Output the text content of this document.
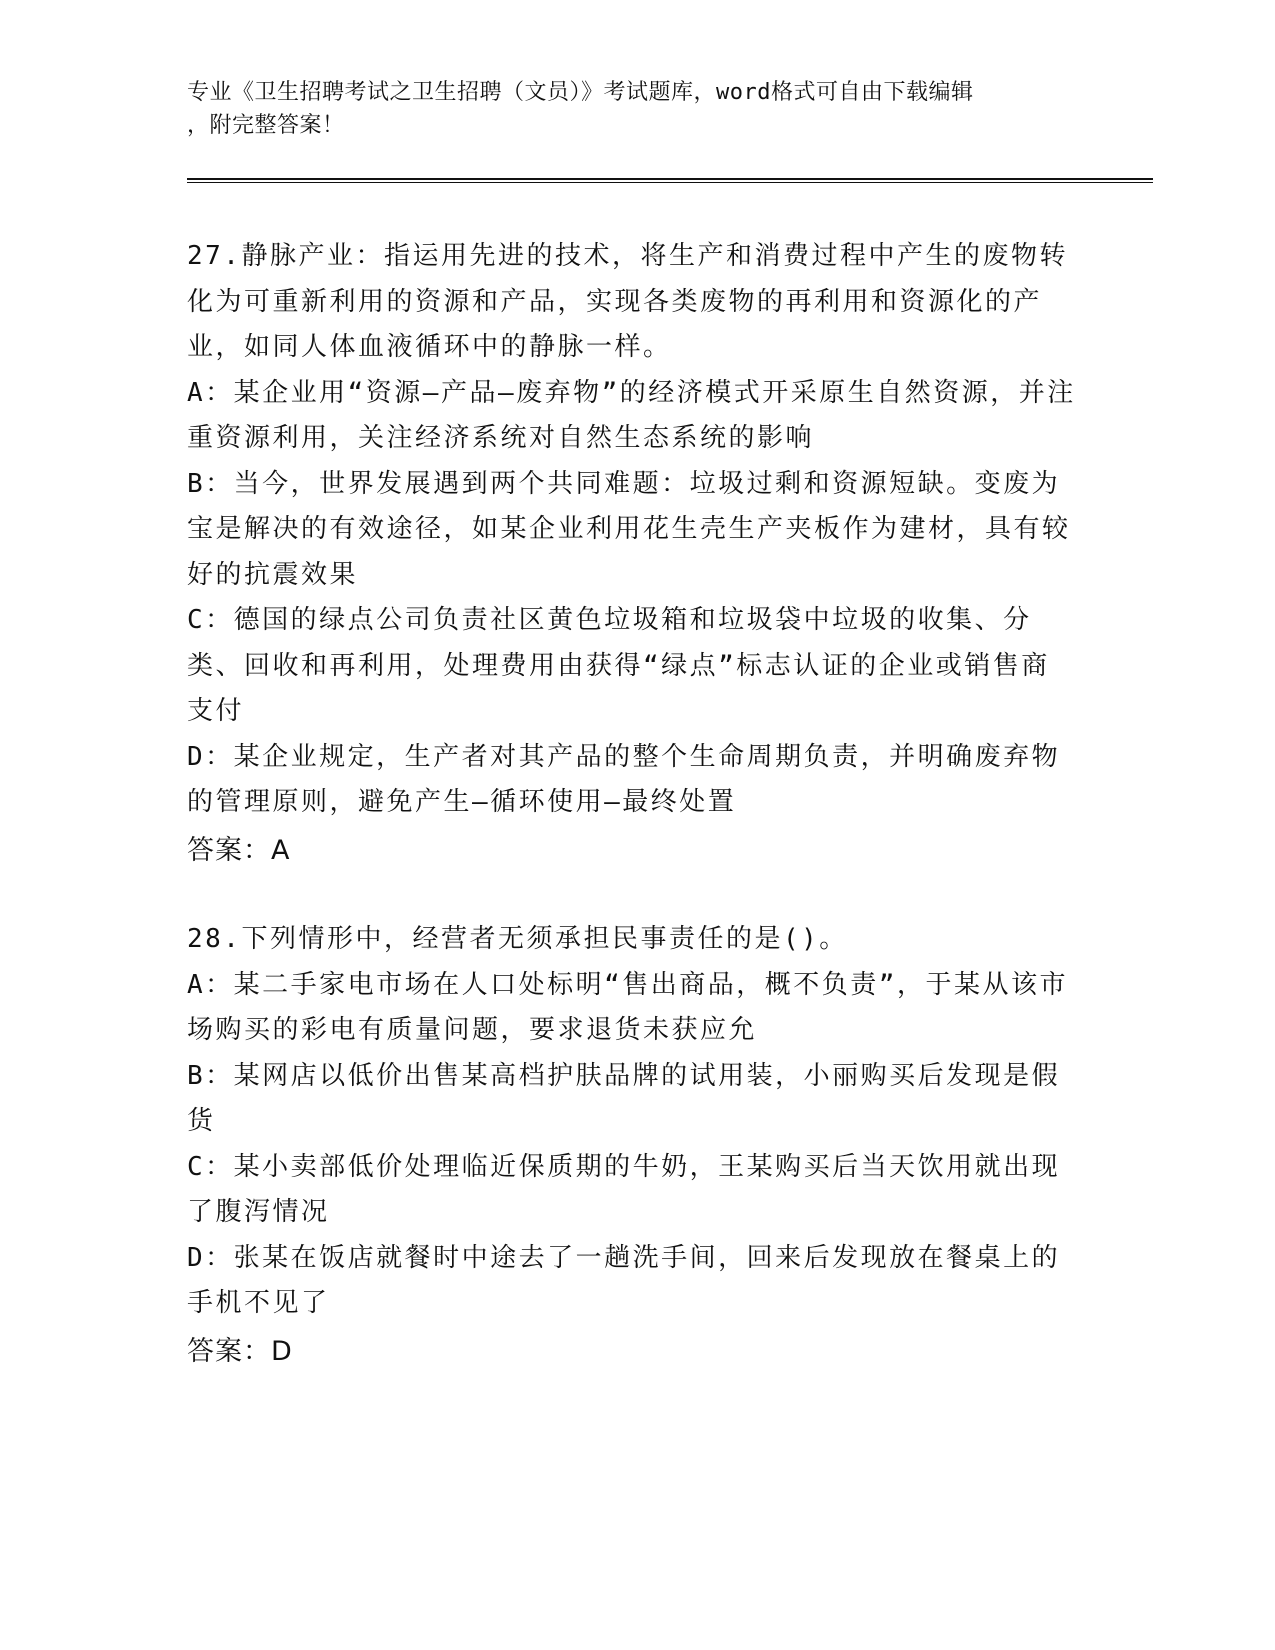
专业《卫生招聘考试之卫生招聘（文员）》考试题库，word格式可自由下载编辑
，附完整答案！
27.静脉产业：指运用先进的技术，将生产和消费过程中产生的废物转化为可重新利用的资源和产品，实现各类废物的再利用和资源化的产业，如同人体血液循环中的静脉一样。
A：某企业用“资源—产品—废弃物”的经济模式开采原生自然资源，并注重资源利用，关注经济系统对自然生态系统的影响
B：当今，世界发展遇到两个共同难题：垃圾过剩和资源短缺。变废为宝是解决的有效途径，如某企业利用花生壳生产夹板作为建材，具有较好的抗震效果
C：德国的绿点公司负责社区黄色垃圾箱和垃圾袋中垃圾的收集、分类、回收和再利用，处理费用由获得“绿点”标志认证的企业或销售商支付
D：某企业规定，生产者对其产品的整个生命周期负责，并明确废弃物的管理原则，避免产生—循环使用—最终处置
答案：A
28.下列情形中，经营者无须承担民事责任的是()。
A：某二手家电市场在人口处标明“售出商品，概不负责”，于某从该市场购买的彩电有质量问题，要求退货未获应允
B：某网店以低价出售某高档护肤品牌的试用装，小丽购买后发现是假货
C：某小卖部低价处理临近保质期的牛奶，王某购买后当天饮用就出现了腹泻情况
D：张某在饭店就餐时中途去了一趟洗手间，回来后发现放在餐桌上的手机不见了
答案：D
